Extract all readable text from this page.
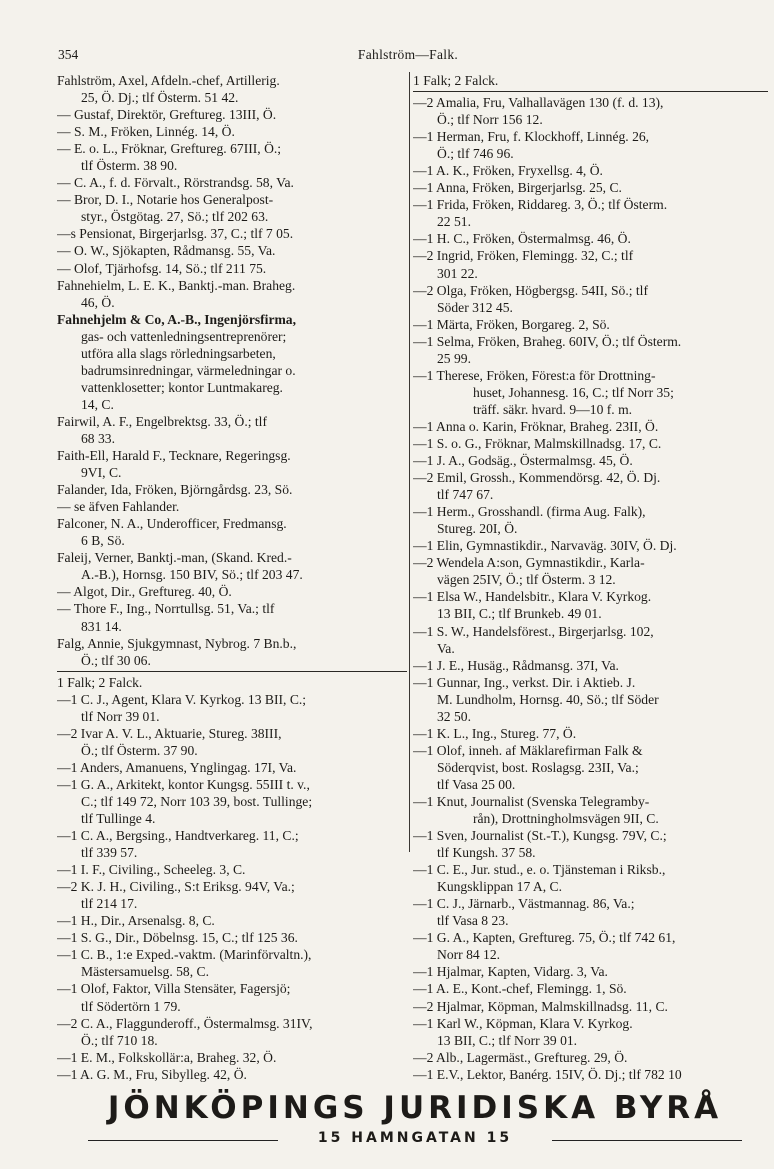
354	Fahlström—Falk.
Fahlström, Axel, Afdeln.-chef, Artillerig.
25, Ö. Dj.; tlf Österm. 51 42.
— Gustaf, Direktör, Greftureg. 13III, Ö.
— S. M., Fröken, Linnég. 14, Ö.
— E. o. L., Fröknar, Greftureg. 67III, Ö.;
tlf Österm. 38 90.
— C. A., f. d. Förvalt., Rörstrandsg. 58, Va.
— Bror, D. I., Notarie hos Generalpost-
styr., Östgötag. 27, Sö.; tlf 202 63.
—s Pensionat, Birgerjarlsg. 37, C.; tlf 7 05.
— O. W., Sjökapten, Rådmansg. 55, Va.
— Olof, Tjärhofsg. 14, Sö.; tlf 211 75.
Fahnehielm, L. E. K., Banktj.-man. Braheg.
46, Ö.
Fahnehjelm & Co, A.-B., Ingenjörsfirma,
gas- och vattenledningsentreprenörer;
utföra alla slags rörledningsarbeten,
badrumsinredningar, värmeledningar o.
vattenklosetter; kontor Luntmakareg.
14, C.
Fairwil, A. F., Engelbrektsg. 33, Ö.; tlf
68 33.
Faith-Ell, Harald F., Tecknare, Regeringsg.
9VI, C.
Falander, Ida, Fröken, Björngårdsg. 23, Sö.
— se äfven Fahlander.
Falconer, N. A., Underofficer, Fredmansg.
6 B, Sö.
Faleij, Verner, Banktj.-man, (Skand. Kred.-
A.-B.), Hornsg. 150 BIV, Sö.; tlf 203 47.
— Algot, Dir., Greftureg. 40, Ö.
— Thore F., Ing., Norrtullsg. 51, Va.; tlf
831 14.
Falg, Annie, Sjukgymnast, Nybrog. 7 Bn.b.,
Ö.; tlf 30 06.
1 Falk; 2 Falck.
—1 C. J., Agent, Klara V. Kyrkog. 13 BII, C.;
tlf Norr 39 01.
—2 Ivar A. V. L., Aktuarie, Stureg. 38III,
Ö.; tlf Österm. 37 90.
—1 Anders, Amanuens, Ynglingag. 17I, Va.
—1 G. A., Arkitekt, kontor Kungsg. 55III t. v.,
C.; tlf 149 72, Norr 103 39, bost. Tullinge;
tlf Tullinge 4.
—1 C. A., Bergsing., Handtverkareg. 11, C.;
tlf 339 57.
—1 I. F., Civiling., Scheeleg. 3, C.
—2 K. J. H., Civiling., S:t Eriksg. 94V, Va.;
tlf 214 17.
—1 H., Dir., Arsenalsg. 8, C.
—1 S. G., Dir., Döbelnsg. 15, C.; tlf 125 36.
—1 C. B., 1:e Exped.-vaktm. (Marinförvaltn.),
Mästersamuelsg. 58, C.
—1 Olof, Faktor, Villa Stensäter, Fagersjö;
tlf Södertörn 1 79.
—2 C. A., Flaggunderoff., Östermalmsg. 31IV,
Ö.; tlf 710 18.
—1 E. M., Folkskollär:a, Braheg. 32, Ö.
—1 A. G. M., Fru, Sibylleg. 42, Ö.
1 Falk; 2 Falck.
—2 Amalia, Fru, Valhallavägen 130 (f. d. 13),
Ö.; tlf Norr 156 12.
—1 Herman, Fru, f. Klockhoff, Linnég. 26,
Ö.; tlf 746 96.
—1 A. K., Fröken, Fryxellsg. 4, Ö.
—1 Anna, Fröken, Birgerjarlsg. 25, C.
—1 Frida, Fröken, Riddareg. 3, Ö.; tlf Österm.
22 51.
—1 H. C., Fröken, Östermalmsg. 46, Ö.
—2 Ingrid, Fröken, Flemingg. 32, C.; tlf
301 22.
—2 Olga, Fröken, Högbergsg. 54II, Sö.; tlf
Söder 312 45.
—1 Märta, Fröken, Borgareg. 2, Sö.
—1 Selma, Fröken, Braheg. 60IV, Ö.; tlf Österm.
25 99.
—1 Therese, Fröken, Förest:a för Drottning-
huset, Johannesg. 16, C.; tlf Norr 35;
träff. säkr. hvard. 9—10 f. m.
—1 Anna o. Karin, Fröknar, Braheg. 23II, Ö.
—1 S. o. G., Fröknar, Malmskillnadsg. 17, C.
—1 J. A., Godsäg., Östermalmsg. 45, Ö.
—2 Emil, Grossh., Kommendörsg. 42, Ö. Dj.
tlf 747 67.
—1 Herm., Grosshandl. (firma Aug. Falk),
Stureg. 20I, Ö.
—1 Elin, Gymnastikdir., Narvaväg. 30IV, Ö. Dj.
—2 Wendela A:son, Gymnastikdir., Karla-
vägen 25IV, Ö.; tlf Österm. 3 12.
—1 Elsa W., Handelsbitr., Klara V. Kyrkog.
13 BII, C.; tlf Brunkeb. 49 01.
—1 S. W., Handelsförest., Birgerjarlsg. 102,
Va.
—1 J. E., Husäg., Rådmansg. 37I, Va.
—1 Gunnar, Ing., verkst. Dir. i Aktieb. J.
M. Lundholm, Hornsg. 40, Sö.; tlf Söder
32 50.
—1 K. L., Ing., Stureg. 77, Ö.
—1 Olof, inneh. af Mäklarefirman Falk &
Söderqvist, bost. Roslagsg. 23II, Va.;
tlf Vasa 25 00.
—1 Knut, Journalist (Svenska Telegramby-
rån), Drottningholmsvägen 9II, C.
—1 Sven, Journalist (St.-T.), Kungsg. 79V, C.;
tlf Kungsh. 37 58.
—1 C. E., Jur. stud., e. o. Tjänsteman i Riksb.,
Kungsklippan 17 A, C.
—1 C. J., Järnarb., Västmannag. 86, Va.;
tlf Vasa 8 23.
—1 G. A., Kapten, Greftureg. 75, Ö.; tlf 742 61,
Norr 84 12.
—1 Hjalmar, Kapten, Vidarg. 3, Va.
—1 A. E., Kont.-chef, Flemingg. 1, Sö.
—2 Hjalmar, Köpman, Malmskillnadsg. 11, C.
—1 Karl W., Köpman, Klara V. Kyrkog.
13 BII, C.; tlf Norr 39 01.
—2 Alb., Lagermäst., Greftureg. 29, Ö.
—1 E.V., Lektor, Banérg. 15IV, Ö. Dj.; tlf 782 10
JÖNKÖPINGS JURIDISKA BYRÅ
15 HAMNGATAN 15
